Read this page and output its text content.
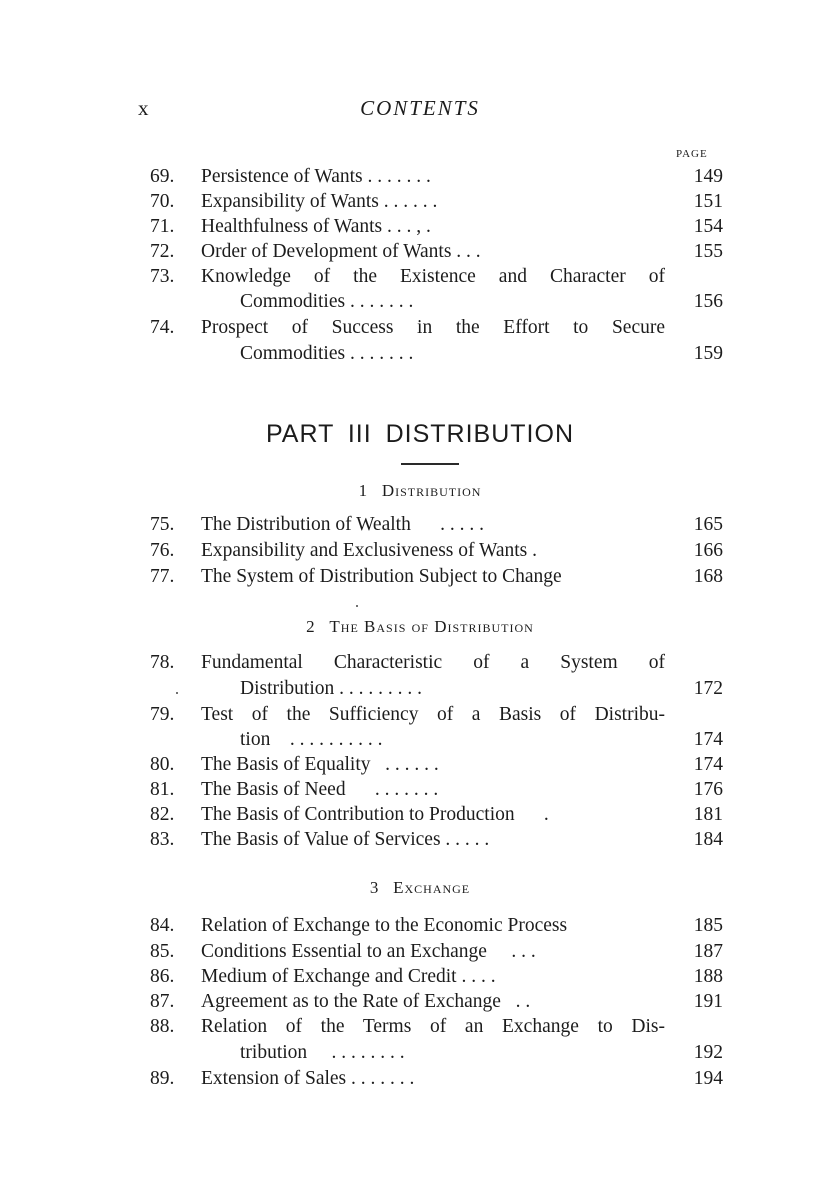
x	CONTENTS
PAGE
69. Persistence of Wants . . . . . . .	149
70. Expansibility of Wants . . . . . .	151
71. Healthfulness of Wants . . . , .	154
72. Order of Development of Wants . . .	155
73. Knowledge of the Existence and Character of
Commodities . . . . . . .	156
74. Prospect of Success in the Effort to Secure
Commodities . . . . . . .	159
PART III DISTRIBUTION
1 Distribution
75. The Distribution of Wealth . . . . .	165
76. Expansibility and Exclusiveness of Wants .	166
77. The System of Distribution Subject to Change	168
2 The Basis of Distribution
78. Fundamental Characteristic of a System of
Distribution . . . . . . . . .	172
79. Test of the Sufficiency of a Basis of Distribu-
tion . . . . . . . . . .	174
80. The Basis of Equality . . . . . .	174
81. The Basis of Need . . . . . . .	176
82. The Basis of Contribution to Production .	181
83. The Basis of Value of Services . . . . .	184
3 Exchange
84. Relation of Exchange to the Economic Process	185
85. Conditions Essential to an Exchange . . .	187
86. Medium of Exchange and Credit . . . .	188
87. Agreement as to the Rate of Exchange . .	191
88. Relation of the Terms of an Exchange to Dis-
tribution . . . . . . . .	192
89. Extension of Sales . . . . . . .	194
